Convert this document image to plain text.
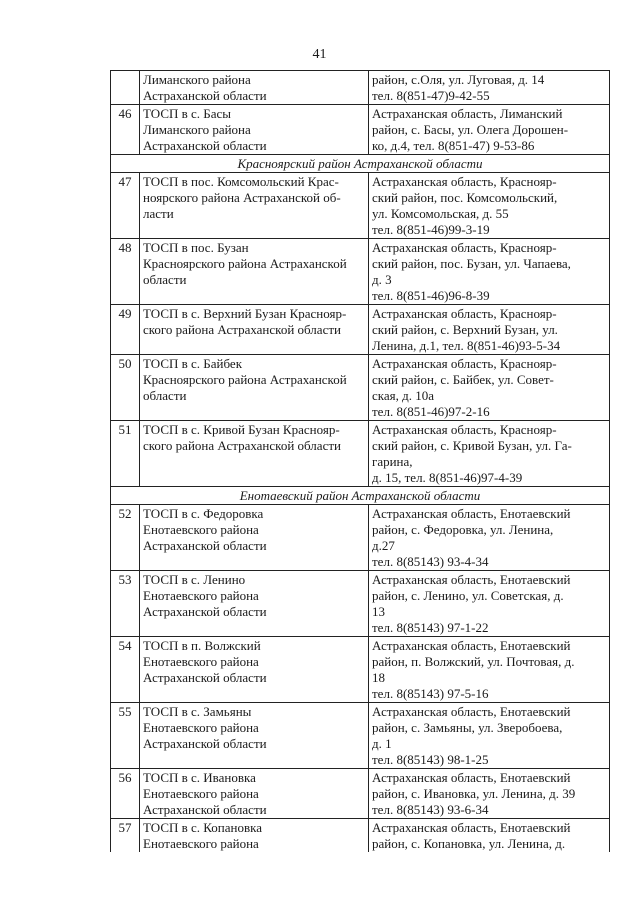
41

	Лиманского района
Астраханской области	район, с.Оля, ул. Луговая, д. 14
тел. 8(851-47)9-42-55

46	ТОСП в с. Басы
Лиманского района
Астраханской области	Астраханская область, Лиманский
район, с. Басы, ул. Олега Дорошен-
ко, д.4, тел. 8(851-47) 9-53-86

Красноярский район Астраханской области		
47	ТОСП в пос. Комсомольский Крас-
ноярского района Астраханской об-
ласти	Астраханская область, Краснояр-
ский район, пос. Комсомольский,
ул. Комсомольская, д. 55
тел. 8(851-46)99-3-19

48	ТОСП в пос. Бузан
Красноярского района Астраханской
области	Астраханская область, Краснояр-
ский район, пос. Бузан, ул. Чапаева,
д. 3
тел. 8(851-46)96-8-39

49	ТОСП в с. Верхний Бузан Краснояр-
ского района Астраханской области	Астраханская область, Краснояр-
ский район, с. Верхний Бузан, ул.
Ленина, д.1, тел. 8(851-46)93-5-34

50	ТОСП в с. Байбек
Красноярского района Астраханской
области	Астраханская область, Краснояр-
ский район, с. Байбек, ул. Совет-
ская, д. 10а
тел. 8(851-46)97-2-16

51	ТОСП в с. Кривой Бузан Краснояр-
ского района Астраханской области	Астраханская область, Краснояр-
ский район, с. Кривой Бузан, ул. Га-
гарина,
д. 15, тел. 8(851-46)97-4-39

Енотаевский район Астраханской области		
52	ТОСП в с. Федоровка
Енотаевского района
Астраханской области	Астраханская область, Енотаевский
район, с. Федоровка, ул. Ленина,
д.27
тел. 8(85143) 93-4-34

53	ТОСП в с. Ленино
Енотаевского района
Астраханской области	Астраханская область, Енотаевский
район, с. Ленино, ул. Советская, д.
13
тел. 8(85143) 97-1-22

54	ТОСП в п. Волжский
Енотаевского района
Астраханской области	Астраханская область, Енотаевский
район, п. Волжский, ул. Почтовая, д.
18
тел. 8(85143) 97-5-16

55	ТОСП в с. Замьяны
Енотаевского района
Астраханской области	Астраханская область, Енотаевский
район, с. Замьяны, ул. Зверобоева,
д. 1
тел. 8(85143) 98-1-25

56	ТОСП в с. Ивановка
Енотаевского района
Астраханской области	Астраханская область, Енотаевский
район, с. Ивановка, ул. Ленина, д. 39
тел. 8(85143) 93-6-34

57	ТОСП в с. Копановка
Енотаевского района	Астраханская область, Енотаевский
район, с. Копановка, ул. Ленина, д.
